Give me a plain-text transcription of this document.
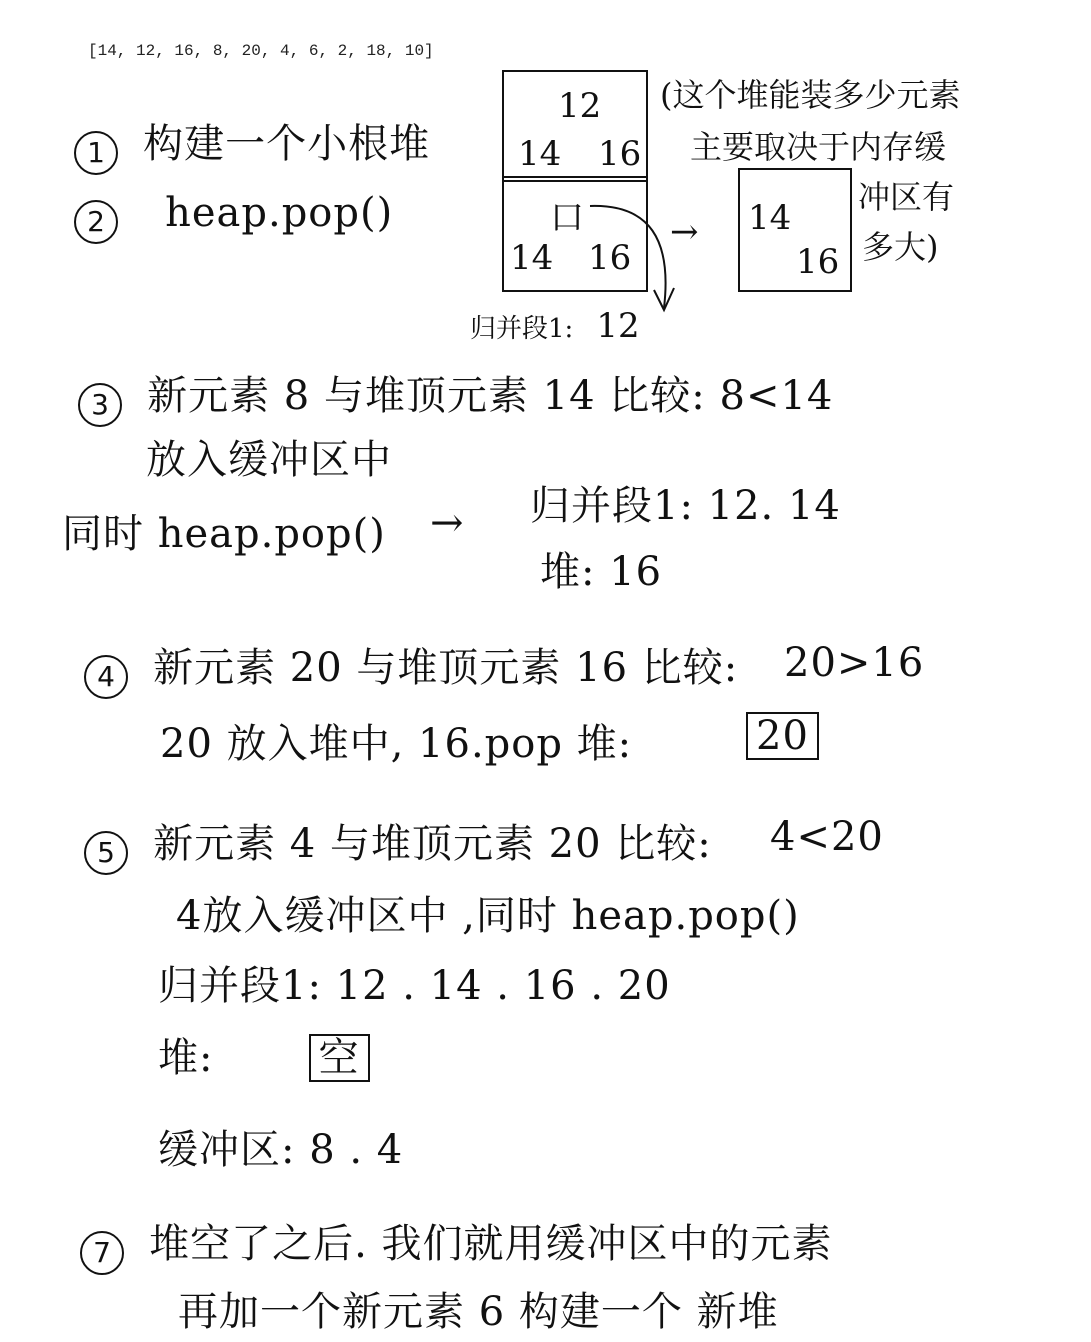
[14, 12, 16, 8, 20, 4, 6, 2, 18, 10]
1 构建一个小根堆
2 heap.pop()
12
14 16
口
14 16
→ 14
16
归并段1: 12
(这个堆能装多少元素
主要取决于内存缓
冲区有
多大)
3 新元素 8 与堆顶元素 14 比较: 8<14
放入缓冲区中
同时 heap.pop() → 归并段1: 12. 14
堆: 16
4 新元素 20 与堆顶元素 16 比较: 20>16
20 放入堆中, 16.pop 堆:	20
5 新元素 4 与堆顶元素 20 比较: 4<20
4放入缓冲区中 ,同时 heap.pop()
归并段1: 12 . 14 . 16 . 20
堆:	空
缓冲区: 8 . 4
7 堆空了之后. 我们就用缓冲区中的元素
再加一个新元素 6 构建一个 新堆
